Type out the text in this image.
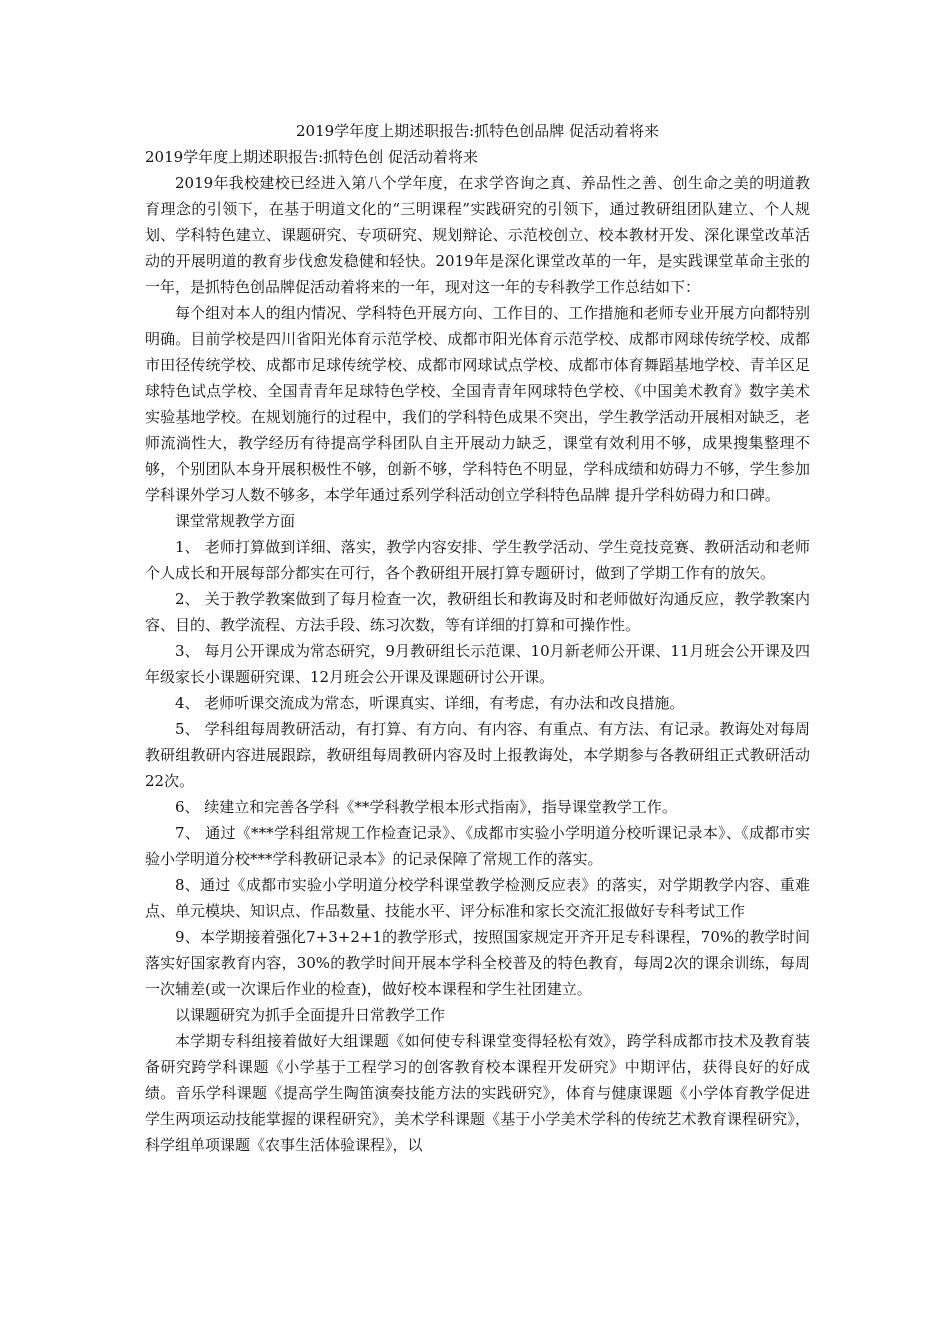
2019学年度上期述职报告:抓特色创品牌 促活动着将来

2019学年度上期述职报告:抓特色创 促活动着将来

2019年我校建校已经进入第八个学年度，在求学咨询之真、养品性之善、创生命之美的明道教育理念的引领下，在基于明道文化的“三明课程”实践研究的引领下，通过教研组团队建立、个人规划、学科特色建立、课题研究、专项研究、规划辩论、示范校创立、校本教材开发、深化课堂改革活动的开展明道的教育步伐愈发稳健和轻快。2019年是深化课堂改革的一年，是实践课堂革命主张的一年，是抓特色创品牌促活动着将来的一年，现对这一年的专科教学工作总结如下：

每个组对本人的组内情况、学科特色开展方向、工作目的、工作措施和老师专业开展方向都特别明确。目前学校是四川省阳光体育示范学校、成都市阳光体育示范学校、成都市网球传统学校、成都市田径传统学校、成都市足球传统学校、成都市网球试点学校、成都市体育舞蹈基地学校、青羊区足球特色试点学校、全国青青年足球特色学校、全国青青年网球特色学校、《中国美术教育》数字美术实验基地学校。在规划施行的过程中，我们的学科特色成果不突出，学生教学活动开展相对缺乏，老师流淌性大，教学经历有待提高学科团队自主开展动力缺乏，课堂有效利用不够，成果搜集整理不够，个别团队本身开展积极性不够，创新不够，学科特色不明显，学科成绩和妨碍力不够，学生参加学科课外学习人数不够多，本学年通过系列学科活动创立学科特色品牌 提升学科妨碍力和口碑。

课堂常规教学方面

1、 老师打算做到详细、落实，教学内容安排、学生教学活动、学生竞技竞赛、教研活动和老师个人成长和开展每部分都实在可行，各个教研组开展打算专题研讨，做到了学期工作有的放矢。

2、 关于教学教案做到了每月检查一次，教研组长和教诲及时和老师做好沟通反应，教学教案内容、目的、教学流程、方法手段、练习次数，等有详细的打算和可操作性。

3、 每月公开课成为常态研究，9月教研组长示范课、10月新老师公开课、11月班会公开课及四年级家长小课题研究课、12月班会公开课及课题研讨公开课。

4、 老师听课交流成为常态，听课真实、详细，有考虑，有办法和改良措施。

5、 学科组每周教研活动，有打算、有方向、有内容、有重点、有方法、有记录。教诲处对每周教研组教研内容进展跟踪，教研组每周教研内容及时上报教诲处，本学期参与各教研组正式教研活动22次。

6、 续建立和完善各学科《**学科教学根本形式指南》，指导课堂教学工作。

7、 通过《***学科组常规工作检查记录》、《成都市实验小学明道分校听课记录本》、《成都市实验小学明道分校***学科教研记录本》的记录保障了常规工作的落实。

8、通过《成都市实验小学明道分校学科课堂教学检测反应表》的落实，对学期教学内容、重难点、单元模块、知识点、作品数量、技能水平、评分标准和家长交流汇报做好专科考试工作

9、本学期接着强化7+3+2+1的教学形式，按照国家规定开齐开足专科课程，70%的教学时间落实好国家教育内容，30%的教学时间开展本学科全校普及的特色教育，每周2次的课余训练，每周一次辅差(或一次课后作业的检查)，做好校本课程和学生社团建立。

以课题研究为抓手全面提升日常教学工作

本学期专科组接着做好大组课题《如何使专科课堂变得轻松有效》，跨学科成都市技术及教育装备研究跨学科课题《小学基于工程学习的创客教育校本课程开发研究》中期评估，获得良好的好成绩。音乐学科课题《提高学生陶笛演奏技能方法的实践研究》，体育与健康课题《小学体育教学促进学生两项运动技能掌握的课程研究》，美术学科课题《基于小学美术学科的传统艺术教育课程研究》，科学组单项课题《农事生活体验课程》，以
